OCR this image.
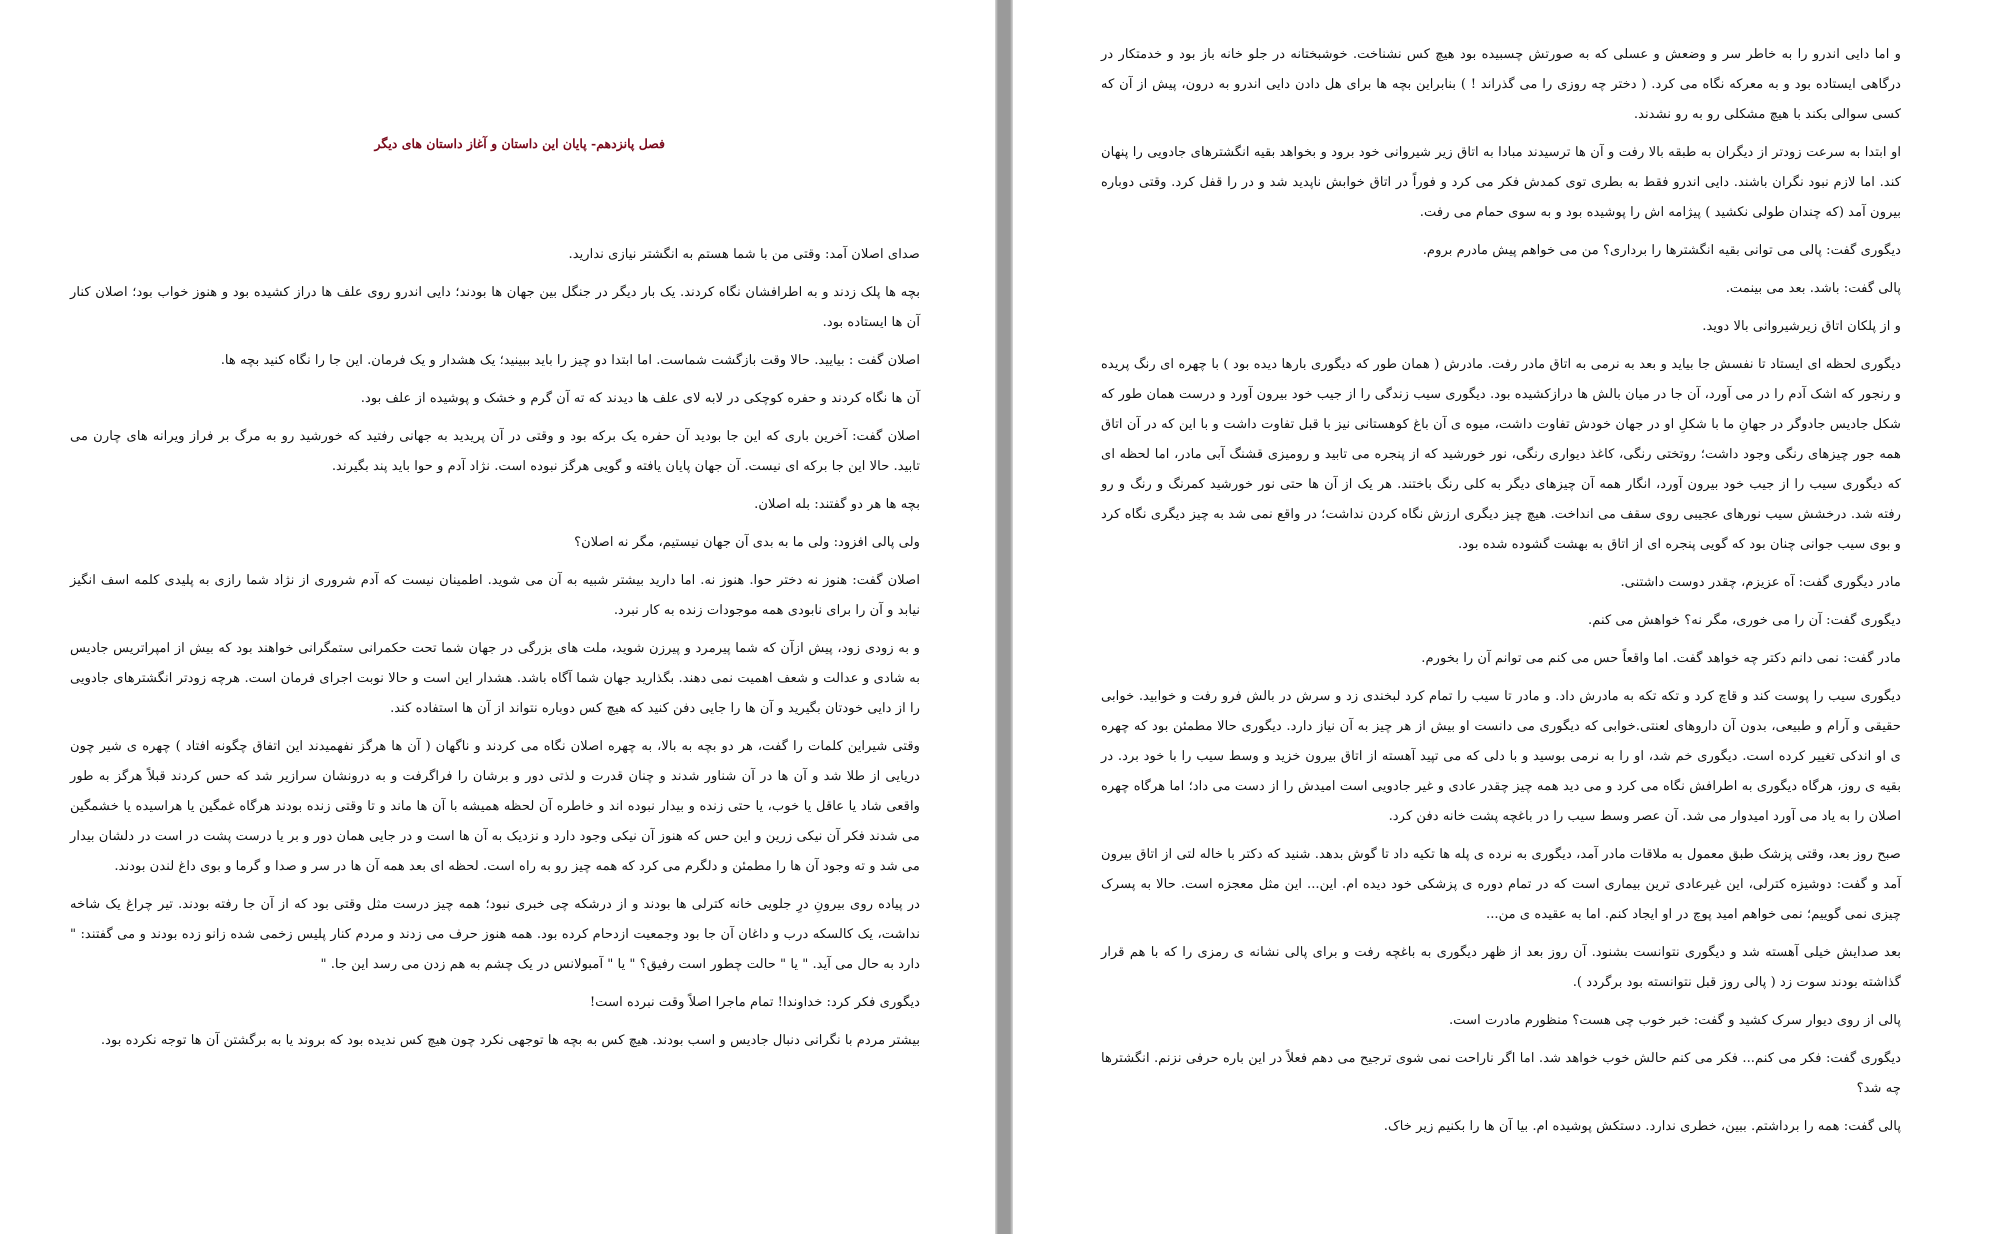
فصل پانزدهم- پایان این داستان و آغاز داستان های دیگر

صدای اصلان آمد: وقتی من با شما هستم به انگشتر نیازی ندارید.

بچه ها پلک زدند و به اطرافشان نگاه کردند. یک بار دیگر در جنگل بین جهان ها بودند؛ دایی اندرو روی علف ها دراز کشیده بود و هنوز خواب بود؛ اصلان کنار آن ها ایستاده بود.

اصلان گفت : بیایید. حالا وقت بازگشت شماست. اما ابتدا دو چیز را باید ببینید؛ یک هشدار و یک فرمان. این جا را نگاه کنید بچه ها.

آن ها نگاه کردند و حفره کوچکی در لابه لای علف ها دیدند که ته آن گرم و خشک و پوشیده از علف بود.

اصلان گفت: آخرین باری که این جا بودید آن حفره یک برکه بود و وقتی در آن پریدید به جهانی رفتید که خورشید رو به مرگ بر فراز ویرانه های چارن می تابید. حالا این جا برکه ای نیست. آن جهان پایان یافته و گویی هرگز نبوده است. نژاد آدم و حوا باید پند بگیرند.

بچه ها هر دو گفتند: بله اصلان.

ولی پالی افزود: ولی ما به بدی آن جهان نیستیم، مگر نه اصلان؟

اصلان گفت: هنوز نه دختر حوا. هنوز نه. اما دارید بیشتر شبیه به آن می شوید. اطمینان نیست که آدم شروری از نژاد شما رازی به پلیدی کلمه اسف انگیز نیابد و آن را برای نابودی همه موجودات زنده به کار نبرد.

و به زودی زود، پیش ازآن که شما پیرمرد و پیرزن شوید، ملت های بزرگی در جهان شما تحت حکمرانی ستمگرانی خواهند بود که بیش از امپراتریس جادیس به شادی و عدالت و شعف اهمیت نمی دهند. بگذارید جهان شما آگاه باشد. هشدار این است و حالا نوبت اجرای فرمان است. هرچه زودتر انگشترهای جادویی را از دایی خودتان بگیرید و آن ها را جایی دفن کنید که هیچ کس دوباره نتواند از آن ها استفاده کند.

وقتی شیراین کلمات را گفت، هر دو بچه به بالا، به چهره اصلان نگاه می کردند و ناگهان ( آن ها هرگز نفهمیدند این اتفاق چگونه افتاد ) چهره ی شیر چون دریایی از طلا شد و آن ها در آن شناور شدند و چنان قدرت و لذتی دور و برشان را فراگرفت و به درونشان سرازیر شد که حس کردند قبلاً هرگز به طور واقعی شاد یا عاقل یا خوب، یا حتی زنده و بیدار نبوده اند و خاطره آن لحظه همیشه با آن ها ماند و تا وقتی زنده بودند هرگاه غمگین یا هراسیده یا خشمگین می شدند فکر آن نیکی زرین و این حس که هنوز آن نیکی وجود دارد و نزدیک به آن ها است و در جایی همان دور و بر یا درست پشت در است در دلشان بیدار می شد و ته وجود آن ها را مطمئن و دلگرم می کرد که همه چیز رو به راه است. لحظه ای بعد همه آن ها در سر و صدا و گرما و بوی داغ لندن بودند.

در پیاده روی بیرونِ درِ جلویی خانه کترلی ها بودند و از درشکه چی خبری نبود؛ همه چیز درست مثل وقتی بود که از آن جا رفته بودند. تیر چراغ یک شاخه نداشت، یک کالسکه درب و داغان آن جا بود وجمعیت ازدحام کرده بود. همه هنوز حرف می زدند و مردم کنار پلیس زخمی شده زانو زده بودند و می گفتند: " دارد به حال می آید. " یا " حالت چطور است رفیق؟ " یا " آمبولانس در یک چشم به هم زدن می رسد این جا. "

دیگوری فکر کرد: خداوندا! تمام ماجرا اصلاً وقت نبرده است!

بیشتر مردم با نگرانی دنبال جادیس و اسب بودند. هیچ کس به بچه ها توجهی نکرد چون هیچ کس ندیده بود که بروند یا به برگشتن آن ها توجه نکرده بود.

و اما دایی اندرو را به خاطر سر و وضعش و عسلی که به صورتش چسبیده بود هیچ کس نشناخت. خوشبختانه در جلو خانه باز بود و خدمتکار در درگاهی ایستاده بود و به معرکه نگاه می کرد. ( دختر چه روزی را می گذراند ! ) بنابراین بچه ها برای هل دادن دایی اندرو به درون، پیش از آن که کسی سوالی بکند با هیچ مشکلی رو به رو نشدند.

او ابتدا به سرعت زودتر از دیگران به طبقه بالا رفت و آن ها ترسیدند مبادا به اتاق زیر شیروانی خود برود و بخواهد بقیه انگشترهای جادویی را پنهان کند. اما لازم نبود نگران باشند. دایی اندرو فقط به بطری توی کمدش فکر می کرد و فوراً در اتاق خوابش ناپدید شد و در را قفل کرد. وقتی دوباره بیرون آمد (که چندان طولی نکشید ) پیژامه اش را پوشیده بود و به سوی حمام می رفت.

دیگوری گفت: پالی می توانی بقیه انگشترها را برداری؟ من می خواهم پیش مادرم بروم.

پالی گفت: باشد. بعد می بینمت.

و از پلکان اتاق زیرشیروانی بالا دوید.

دیگوری لحظه ای ایستاد تا نفسش جا بیاید و بعد به نرمی به اتاق مادر رفت. مادرش ( همان طور که دیگوری بارها دیده بود ) با چهره ای رنگ پریده و رنجور که اشک آدم را در می آورد، آن جا در میان بالش ها درازکشیده بود. دیگوری سیب زندگی را از جیب خود بیرون آورد و درست همان طور که شکل جادیس جادوگر در جهانِ ما با شکلِ او در جهان خودش تفاوت داشت، میوه ی آن باغ کوهستانی نیز با قبل تفاوت داشت و با این که در آن اتاق همه جور چیزهای رنگی وجود داشت؛ روتختی رنگی، کاغذ دیواری رنگی، نور خورشید که از پنجره می تابید و رومیزی قشنگ آبی مادر، اما لحظه ای که دیگوری سیب را از جیب خود بیرون آورد، انگار همه آن چیزهای دیگر به کلی رنگ باختند. هر یک از آن ها حتی نور خورشید کمرنگ و رنگ و رو رفته شد. درخشش سیب نورهای عجیبی روی سقف می انداخت. هیچ چیز دیگری ارزش نگاه کردن نداشت؛ در واقع نمی شد به چیز دیگری نگاه کرد و بوی سیب جوانی چنان بود که گویی پنجره ای از اتاق به بهشت گشوده شده بود.

مادر دیگوری گفت: آه عزیزم، چقدر دوست داشتنی.

دیگوری گفت: آن را می خوری، مگر نه؟ خواهش می کنم.

مادر گفت: نمی دانم دکتر چه خواهد گفت. اما واقعاً حس می کنم می توانم آن را بخورم.

دیگوری سیب را پوست کند و قاچ کرد و تکه تکه به مادرش داد. و مادر تا سیب را تمام کرد لبخندی زد و سرش در بالش فرو رفت و خوابید. خوابی حقیقی و آرام و طبیعی، بدون آن داروهای لعنتی.خوابی که دیگوری می دانست او بیش از هر چیز به آن نیاز دارد. دیگوری حالا مطمئن بود که چهره ی او اندکی تغییر کرده است. دیگوری خم شد، او را به نرمی بوسید و با دلی که می تپید آهسته از اتاق بیرون خزید و وسط سیب را با خود برد. در بقیه ی روز، هرگاه دیگوری به اطرافش نگاه می کرد و می دید همه چیز چقدر عادی و غیر جادویی است امیدش را از دست می داد؛ اما هرگاه چهره اصلان را به یاد می آورد امیدوار می شد. آن عصر وسط سیب را در باغچه پشت خانه دفن کرد.

صبح روز بعد، وقتی پزشک طبق معمول به ملاقات مادر آمد، دیگوری به نرده ی پله ها تکیه داد تا گوش بدهد. شنید که دکتر با خاله لتی از اتاق بیرون آمد و گفت: دوشیزه کترلی، این غیرعادی ترین بیماری است که در تمام دوره ی پزشکی خود دیده ام. این... این مثل معجزه است. حالا به پسرک چیزی نمی گوییم؛ نمی خواهم امید پوچ در او ایجاد کنم. اما به عقیده ی من...

بعد صدایش خیلی آهسته شد و دیگوری نتوانست بشنود. آن روز بعد از ظهر دیگوری به باغچه رفت و برای پالی نشانه ی رمزی را که با هم قرار گذاشته بودند سوت زد ( پالی روز قبل نتوانسته بود برگردد ).

پالی از روی دیوار سرک کشید و گفت: خبر خوب چی هست؟ منظورم مادرت است.

دیگوری گفت: فکر می کنم... فکر می کنم حالش خوب خواهد شد. اما اگر ناراحت نمی شوی ترجیح می دهم فعلاً در این باره حرفی نزنم. انگشترها چه شد؟

پالی گفت: همه را برداشتم. ببین، خطری ندارد. دستکش پوشیده ام. بیا آن ها را بکنیم زیر خاک.
